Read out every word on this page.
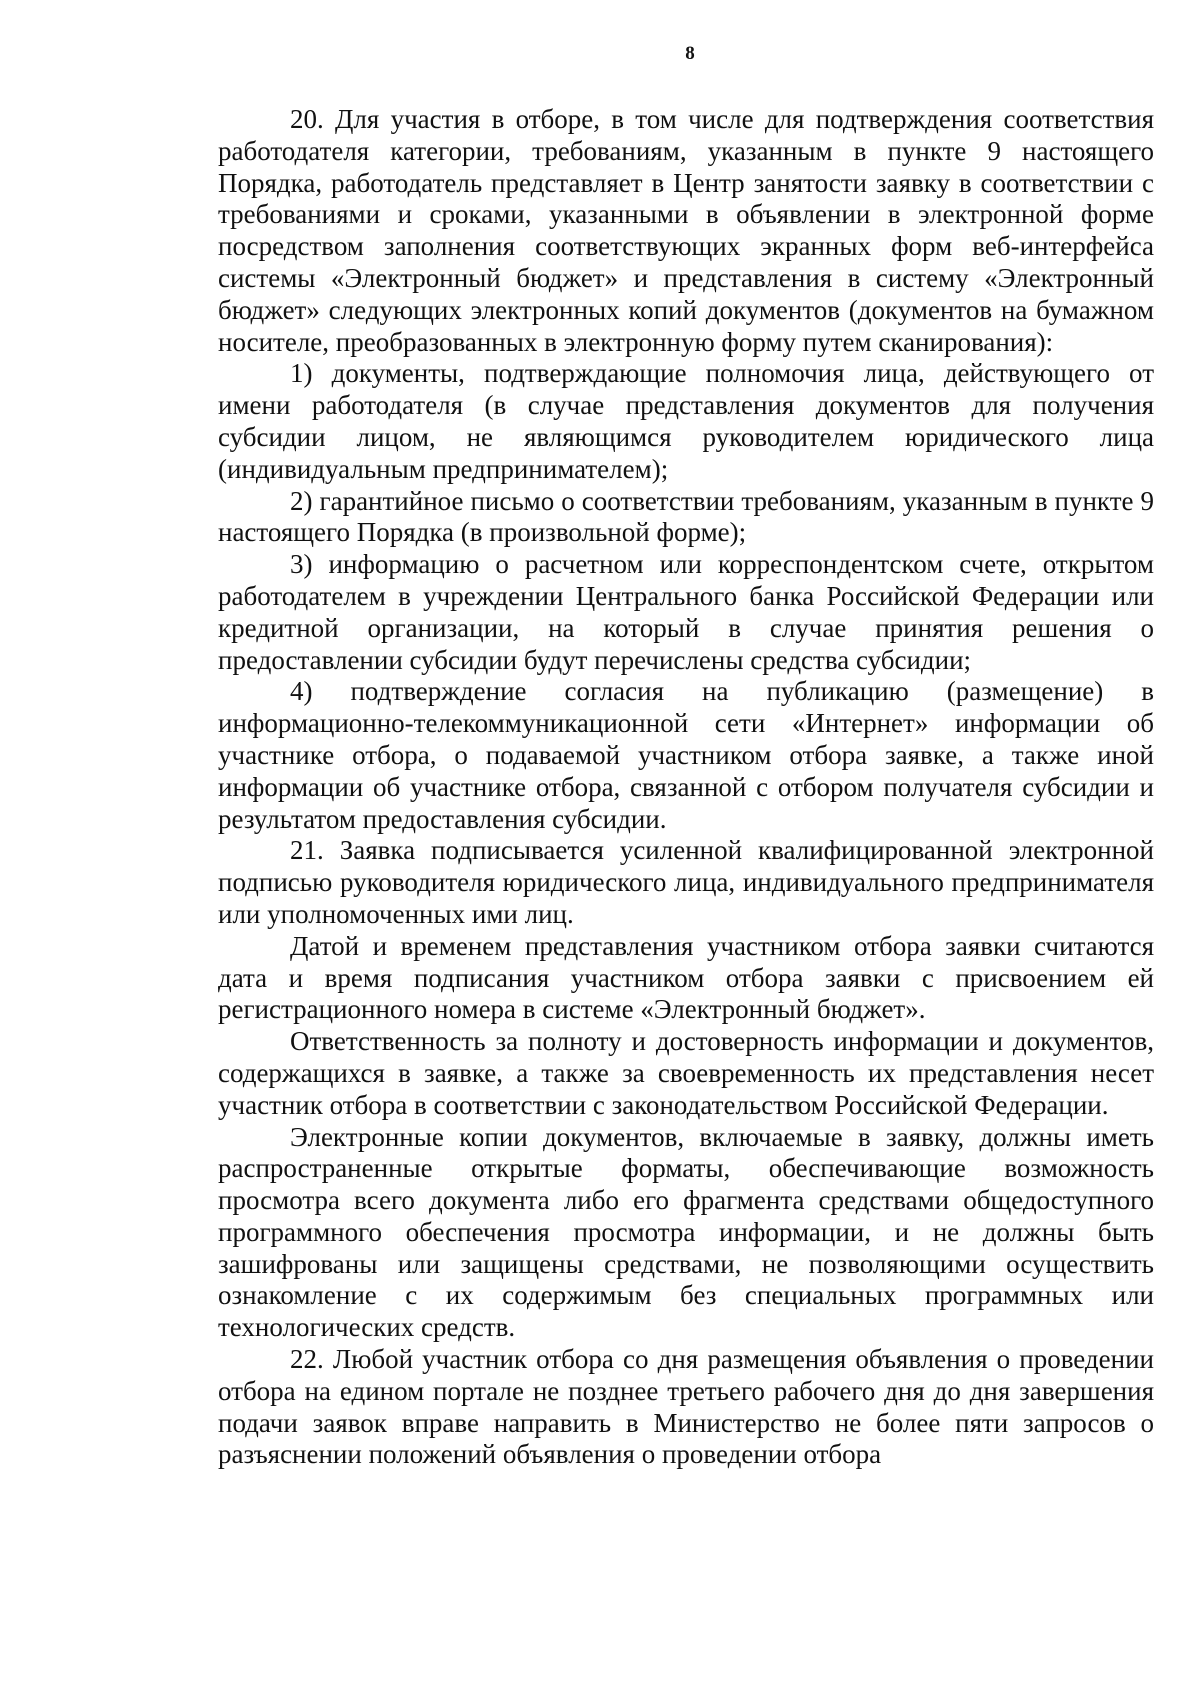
8

20. Для участия в отборе, в том числе для подтверждения соответствия работодателя категории, требованиям, указанным в пункте 9 настоящего Порядка, работодатель представляет в Центр занятости заявку в соответствии с требованиями и сроками, указанными в объявлении в электронной форме посредством заполнения соответствующих экранных форм веб-интерфейса системы «Электронный бюджет» и представления в систему «Электронный бюджет» следующих электронных копий документов (документов на бумажном носителе, преобразованных в электронную форму путем сканирования):

1) документы, подтверждающие полномочия лица, действующего от имени работодателя (в случае представления документов для получения субсидии лицом, не являющимся руководителем юридического лица (индивидуальным предпринимателем);

2) гарантийное письмо о соответствии требованиям, указанным в пункте 9 настоящего Порядка (в произвольной форме);

3) информацию о расчетном или корреспондентском счете, открытом работодателем в учреждении Центрального банка Российской Федерации или кредитной организации, на который в случае принятия решения о предоставлении субсидии будут перечислены средства субсидии;

4) подтверждение согласия на публикацию (размещение) в информационно-телекоммуникационной сети «Интернет» информации об участнике отбора, о подаваемой участником отбора заявке, а также иной информации об участнике отбора, связанной с отбором получателя субсидии и результатом предоставления субсидии.

21. Заявка подписывается усиленной квалифицированной электронной подписью руководителя юридического лица, индивидуального предпринимателя или уполномоченных ими лиц.

Датой и временем представления участником отбора заявки считаются дата и время подписания участником отбора заявки с присвоением ей регистрационного номера в системе «Электронный бюджет».

Ответственность за полноту и достоверность информации и документов, содержащихся в заявке, а также за своевременность их представления несет участник отбора в соответствии с законодательством Российской Федерации.

Электронные копии документов, включаемые в заявку, должны иметь распространенные открытые форматы, обеспечивающие возможность просмотра всего документа либо его фрагмента средствами общедоступного программного обеспечения просмотра информации, и не должны быть зашифрованы или защищены средствами, не позволяющими осуществить ознакомление с их содержимым без специальных программных или технологических средств.

22. Любой участник отбора со дня размещения объявления о проведении отбора на едином портале не позднее третьего рабочего дня до дня завершения подачи заявок вправе направить в Министерство не более пяти запросов о разъяснении положений объявления о проведении отбора
